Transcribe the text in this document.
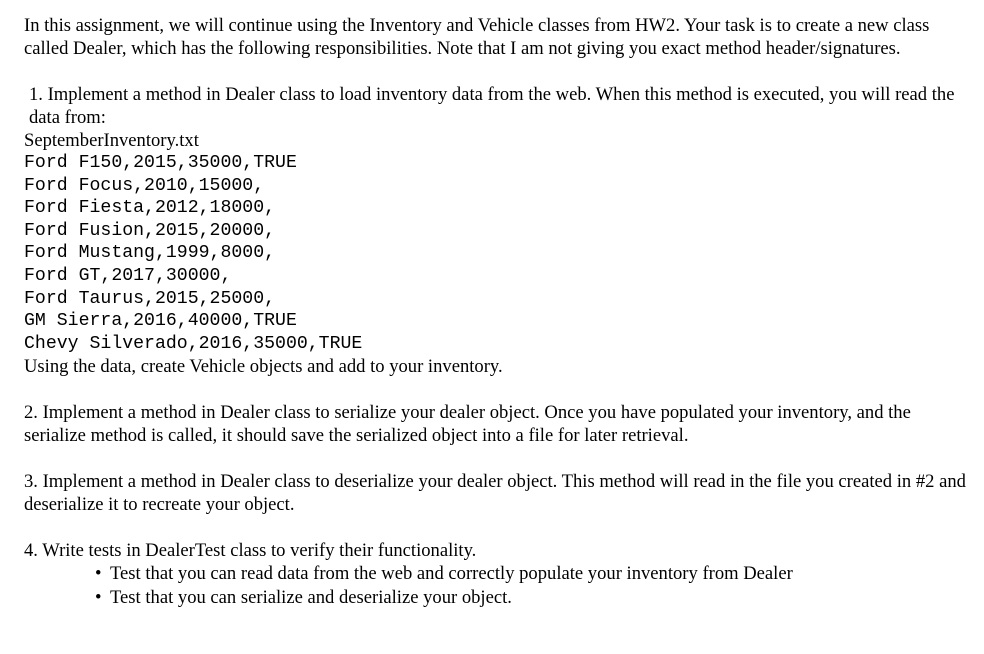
In this assignment, we will continue using the Inventory and Vehicle classes from HW2. Your task is to create a new class called Dealer, which has the following responsibilities. Note that I am not giving you exact method header/signatures.

1. Implement a method in Dealer class to load inventory data from the web. When this method is executed, you will read the data from:

SeptemberInventory.txt

Ford F150,2015,35000,TRUE

Ford Focus,2010,15000,

Ford Fiesta,2012,18000,

Ford Fusion,2015,20000,

Ford Mustang,1999,8000,

Ford GT,2017,30000,

Ford Taurus,2015,25000,

GM Sierra,2016,40000,TRUE

Chevy Silverado,2016,35000,TRUE

Using the data, create Vehicle objects and add to your inventory.

2. Implement a method in Dealer class to serialize your dealer object. Once you have populated your inventory, and the serialize method is called, it should save the serialized object into a file for later retrieval.

3. Implement a method in Dealer class to deserialize your dealer object. This method will read in the file you created in #2 and deserialize it to recreate your object.

4. Write tests in DealerTest class to verify their functionality.

• Test that you can read data from the web and correctly populate your inventory from Dealer
• Test that you can serialize and deserialize your object.
